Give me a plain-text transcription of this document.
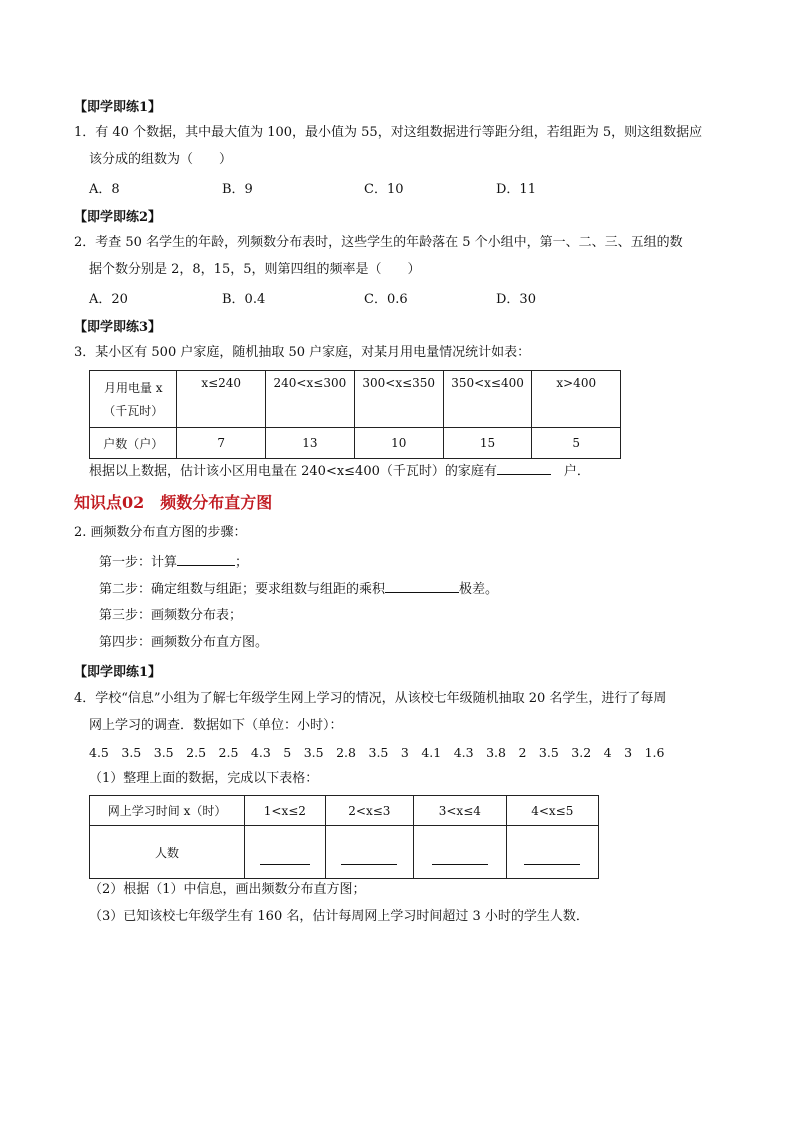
【即学即练1】
1．有 40 个数据，其中最大值为 100，最小值为 55，对这组数据进行等距分组，若组距为 5，则这组数据应
该分成的组数为（　　）
A．8	B．9	C．10	D．11
【即学即练2】
2．考查 50 名学生的年龄，列频数分布表时，这些学生的年龄落在 5 个小组中，第一、二、三、五组的数
据个数分别是 2，8，15，5，则第四组的频率是（　　）
A．20	B．0.4	C．0.6	D．30
【即学即练3】
3．某小区有 500 户家庭，随机抽取 50 户家庭，对某月用电量情况统计如表：
月用电量 x
（千瓦时）	x≤240	240<x≤300	300<x≤350	350<x≤400	x>400
户数（户）	7	13	10	15	5
根据以上数据，估计该小区用电量在 240<x≤400（千瓦时）的家庭有　	户．
知识点02　频数分布直方图
2. 画频数分布直方图的步骤：
第一步：计算	；
第二步：确定组数与组距；要求组数与组距的乘积	极差。
第三步：画频数分布表；
第四步：画频数分布直方图。
【即学即练1】
4．学校“信息”小组为了解七年级学生网上学习的情况，从该校七年级随机抽取 20 名学生，进行了每周
网上学习的调查．数据如下（单位：小时）：
4.5　3.5　3.5　2.5　2.5　4.3　5　3.5　2.8　3.5　3　4.1　4.3　3.8　2　3.5　3.2　4　3　1.6
（1）整理上面的数据，完成以下表格：
网上学习时间 x（时）	1<x≤2	2<x≤3	3<x≤4	4<x≤5
人数				
（2）根据（1）中信息，画出频数分布直方图；
（3）已知该校七年级学生有 160 名，估计每周网上学习时间超过 3 小时的学生人数．
